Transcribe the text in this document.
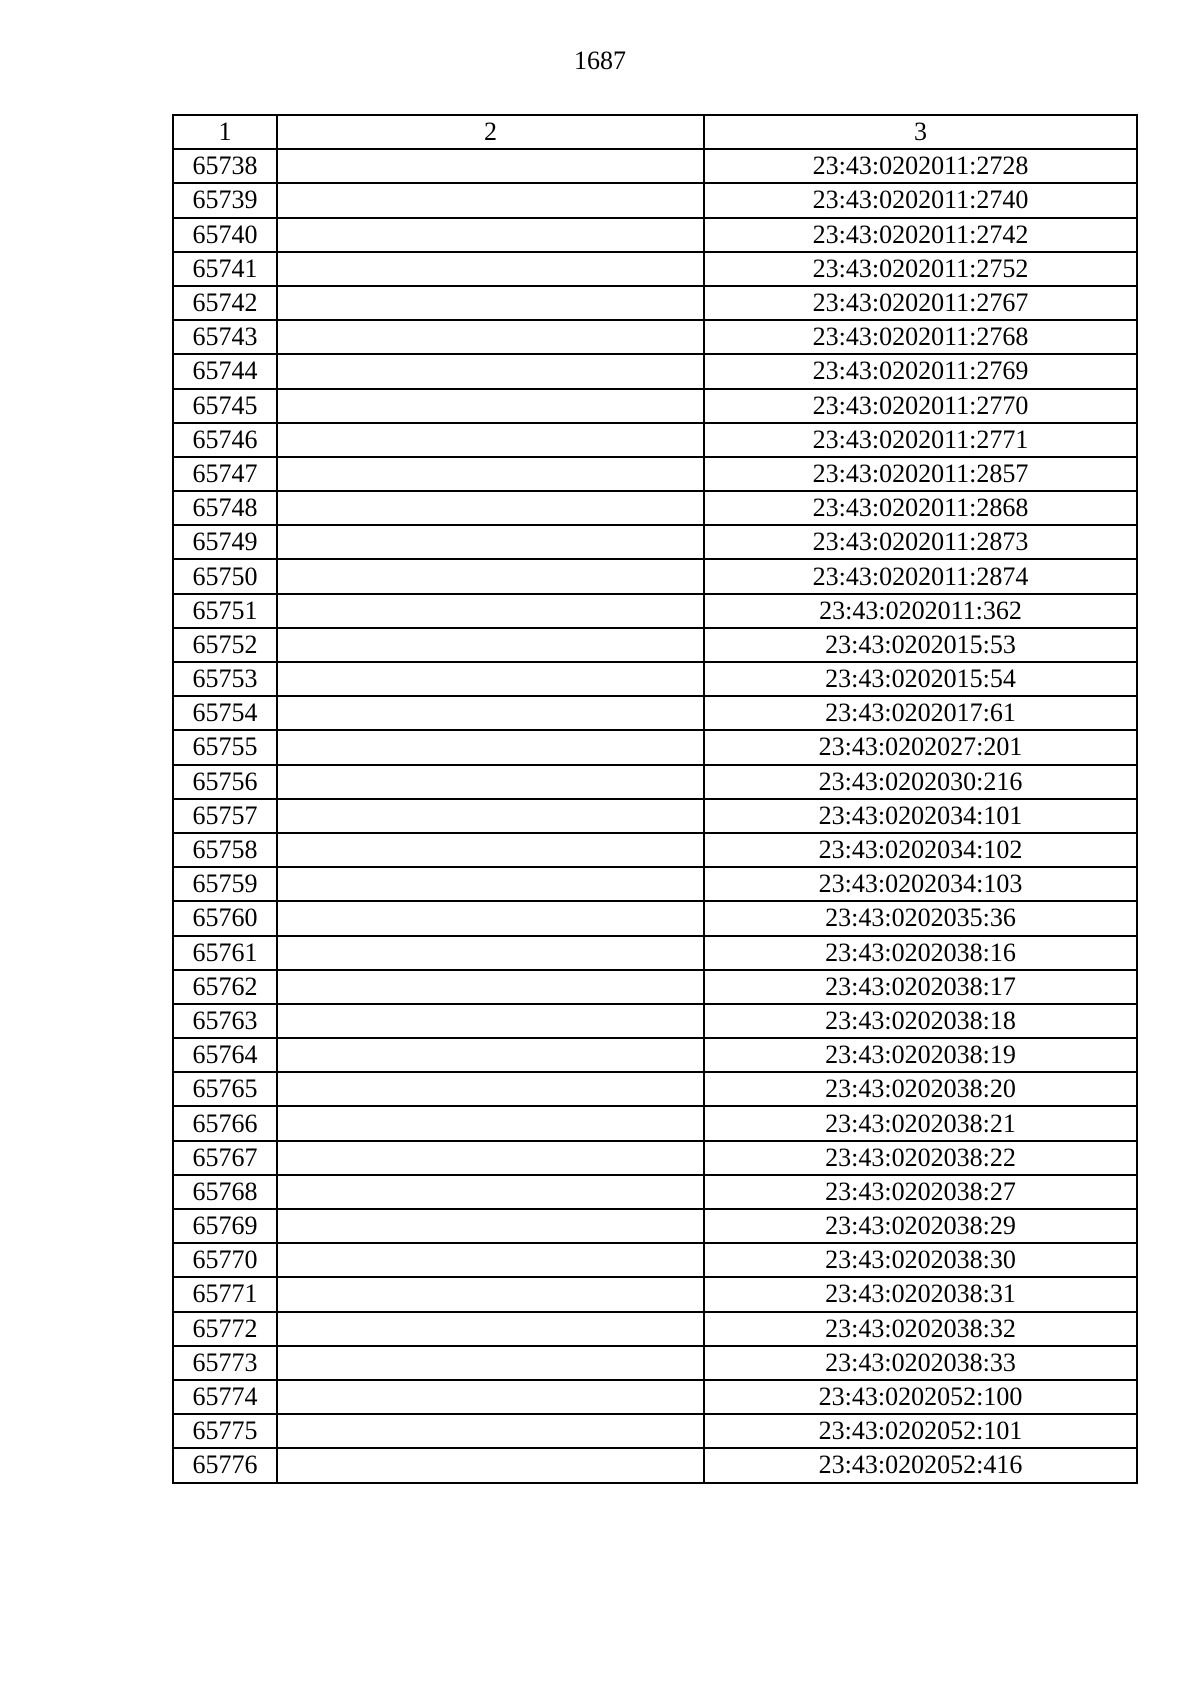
1687
1	2	3
65738		23:43:0202011:2728
65739		23:43:0202011:2740
65740		23:43:0202011:2742
65741		23:43:0202011:2752
65742		23:43:0202011:2767
65743		23:43:0202011:2768
65744		23:43:0202011:2769
65745		23:43:0202011:2770
65746		23:43:0202011:2771
65747		23:43:0202011:2857
65748		23:43:0202011:2868
65749		23:43:0202011:2873
65750		23:43:0202011:2874
65751		23:43:0202011:362
65752		23:43:0202015:53
65753		23:43:0202015:54
65754		23:43:0202017:61
65755		23:43:0202027:201
65756		23:43:0202030:216
65757		23:43:0202034:101
65758		23:43:0202034:102
65759		23:43:0202034:103
65760		23:43:0202035:36
65761		23:43:0202038:16
65762		23:43:0202038:17
65763		23:43:0202038:18
65764		23:43:0202038:19
65765		23:43:0202038:20
65766		23:43:0202038:21
65767		23:43:0202038:22
65768		23:43:0202038:27
65769		23:43:0202038:29
65770		23:43:0202038:30
65771		23:43:0202038:31
65772		23:43:0202038:32
65773		23:43:0202038:33
65774		23:43:0202052:100
65775		23:43:0202052:101
65776		23:43:0202052:416
